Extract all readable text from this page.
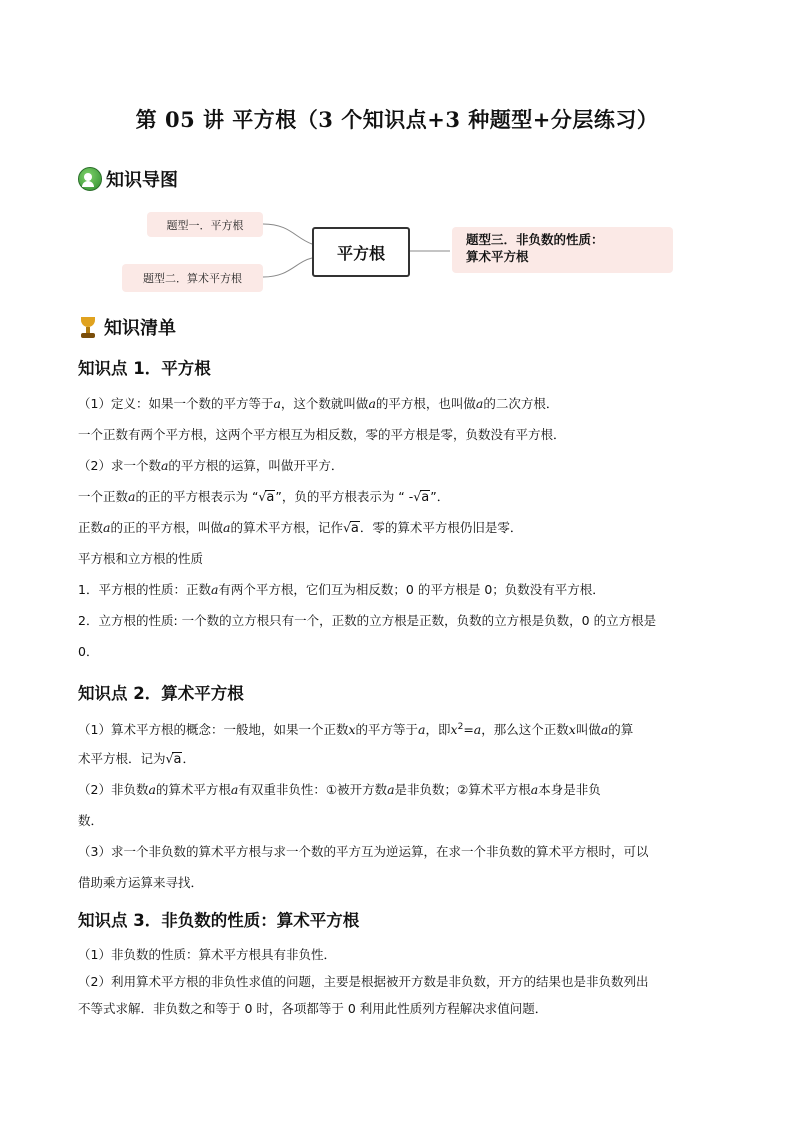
第 05 讲 平方根（3 个知识点+3 种题型+分层练习）
知识导图
题型一．平方根
题型二．算术平方根
平方根
题型三．非负数的性质：
算术平方根
知识清单
知识点 1．平方根
（1）定义：如果一个数的平方等于a，这个数就叫做a的平方根，也叫做a的二次方根．
一个正数有两个平方根，这两个平方根互为相反数，零的平方根是零，负数没有平方根．
（2）求一个数a的平方根的运算，叫做开平方．
一个正数a的正的平方根表示为 “√a”，负的平方根表示为 “ -√a”．
正数a的正的平方根，叫做a的算术平方根，记作√a．零的算术平方根仍旧是零．
平方根和立方根的性质
1．平方根的性质：正数a有两个平方根，它们互为相反数；0 的平方根是 0；负数没有平方根．
2．立方根的性质: 一个数的立方根只有一个，正数的立方根是正数，负数的立方根是负数，0 的立方根是
0．
知识点 2．算术平方根
（1）算术平方根的概念：一般地，如果一个正数x的平方等于a，即$x^2=a$，那么这个正数x叫做a的算
术平方根．记为√a．
（2）非负数a的算术平方根a有双重非负性：①被开方数a是非负数；②算术平方根a本身是非负
数．
（3）求一个非负数的算术平方根与求一个数的平方互为逆运算，在求一个非负数的算术平方根时，可以
借助乘方运算来寻找．
知识点 3．非负数的性质：算术平方根
（1）非负数的性质：算术平方根具有非负性．
（2）利用算术平方根的非负性求值的问题，主要是根据被开方数是非负数，开方的结果也是非负数列出
不等式求解．非负数之和等于 0 时，各项都等于 0 利用此性质列方程解决求值问题．
